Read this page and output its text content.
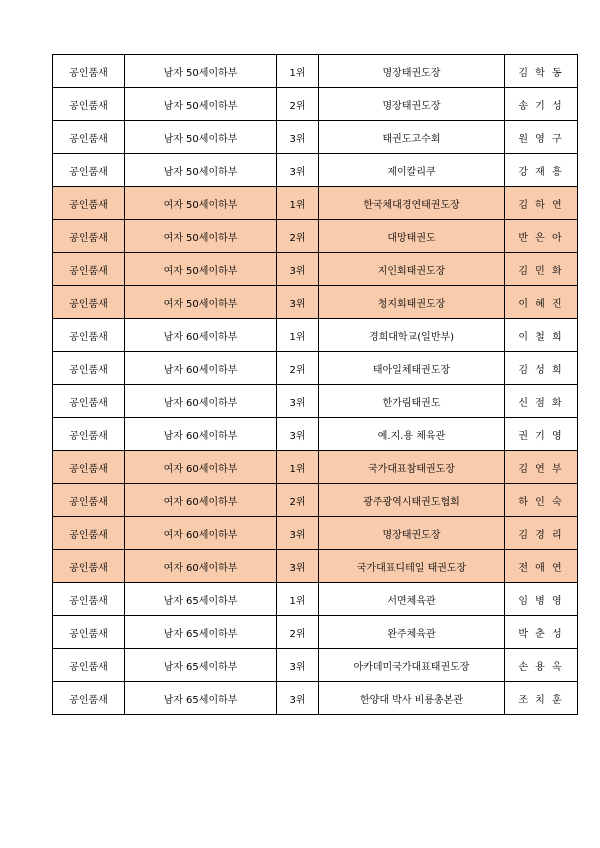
공인품새	남자 50세이하부	1위	명장태권도장	김 학 동
공인품새	남자 50세이하부	2위	명장태권도장	송 기 성
공인품새	남자 50세이하부	3위	태권도고수회	원 영 구
공인품새	남자 50세이하부	3위	제이칼리쿠	강 재 흥
공인품새	여자 50세이하부	1위	한국체대경연태권도장	김 하 연
공인품새	여자 50세이하부	2위	대망태권도	반 은 아
공인품새	여자 50세이하부	3위	지인회태권도장	김 민 화
공인품새	여자 50세이하부	3위	청지회태권도장	이 혜 진
공인품새	남자 60세이하부	1위	경희대학교(일반부)	이 철 희
공인품새	남자 60세이하부	2위	태아일체태권도장	김 성 희
공인품새	남자 60세이하부	3위	한가림태권도	신 점 화
공인품새	남자 60세이하부	3위	예.지.용 체육관	권 기 영
공인품새	여자 60세이하부	1위	국가대표참태권도장	김 연 부
공인품새	여자 60세이하부	2위	광주광역시태권도협회	하 인 숙
공인품새	여자 60세이하부	3위	명장태권도장	김 경 리
공인품새	여자 60세이하부	3위	국가대표디테일 태권도장	전 애 연
공인품새	남자 65세이하부	1위	서면체육관	임 병 영
공인품새	남자 65세이하부	2위	완주체육관	박 춘 성
공인품새	남자 65세이하부	3위	아카데미국가대표태권도장	손 용 옥
공인품새	남자 65세이하부	3위	한양대 박사 비룡총본관	조 치 훈
